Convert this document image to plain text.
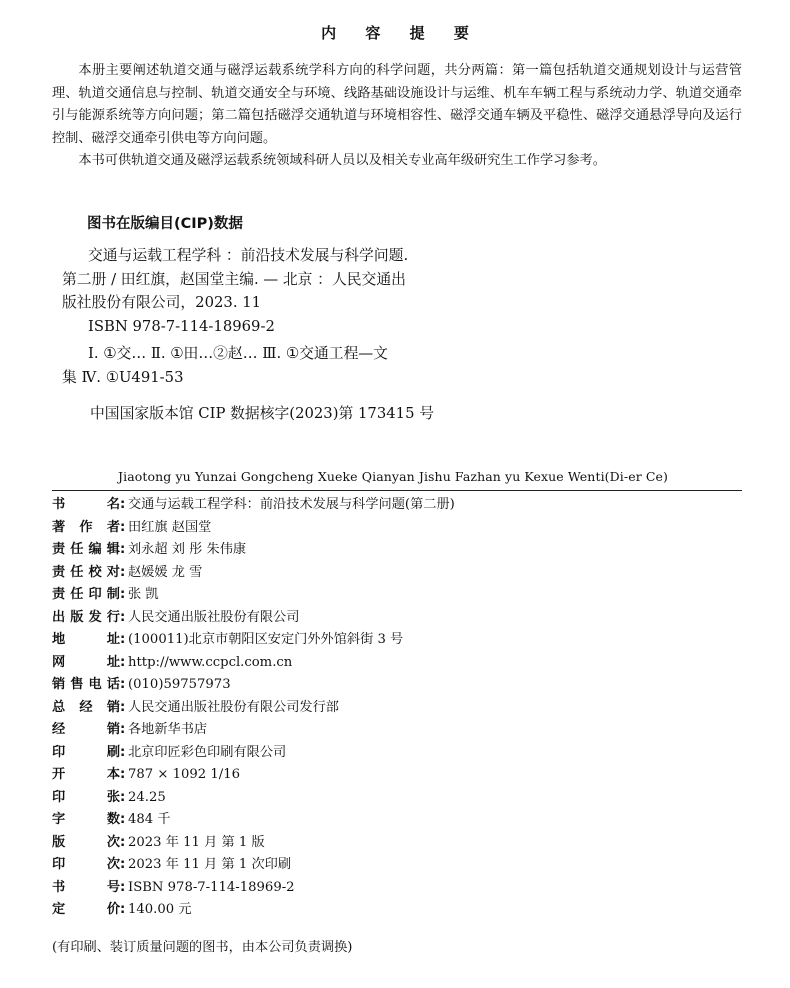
内 容 提 要

本册主要阐述轨道交通与磁浮运载系统学科方向的科学问题，共分两篇：第一篇包括轨道交通规划设计与运营管理、轨道交通信息与控制、轨道交通安全与环境、线路基础设施设计与运维、机车车辆工程与系统动力学、轨道交通牵引与能源系统等方向问题；第二篇包括磁浮交通轨道与环境相容性、磁浮交通车辆及平稳性、磁浮交通悬浮导向及运行控制、磁浮交通牵引供电等方向问题。

本书可供轨道交通及磁浮运载系统领域科研人员以及相关专业高年级研究生工作学习参考。

图书在版编目(CIP)数据
交通与运载工程学科 ：前沿技术发展与科学问题.
第二册 / 田红旗，赵国堂主编. — 北京 ：人民交通出
版社股份有限公司，2023. 11
ISBN 978-7-114-18969-2
Ⅰ. ①交… Ⅱ. ①田…②赵… Ⅲ. ①交通工程—文
集 Ⅳ. ①U491-53
中国国家版本馆 CIP 数据核字(2023)第 173415 号
Jiaotong yu Yunzai Gongcheng Xueke Qianyan Jishu Fazhan yu Kexue Wenti(Di-er Ce)
书	名 : 交通与运载工程学科：前沿技术发展与科学问题(第二册)
著 作 者 : 田红旗 赵国堂
责 任 编 辑 : 刘永超 刘 彤 朱伟康
责 任 校 对 : 赵媛媛 龙 雪
责 任 印 制 : 张 凯
出 版 发 行 : 人民交通出版社股份有限公司
地	址 : (100011)北京市朝阳区安定门外外馆斜街 3 号
网	址 : http://www.ccpcl.com.cn
销 售 电 话 : (010)59757973
总 经 销 : 人民交通出版社股份有限公司发行部
经	销 : 各地新华书店
印	刷 : 北京印匠彩色印刷有限公司
开	本 : 787 × 1092 1/16
印	张 : 24.25
字	数 : 484 千
版	次 : 2023 年 11 月 第 1 版
印	次 : 2023 年 11 月 第 1 次印刷
书	号 : ISBN 978-7-114-18969-2
定	价 : 140.00 元
(有印刷、装订质量问题的图书，由本公司负责调换)
